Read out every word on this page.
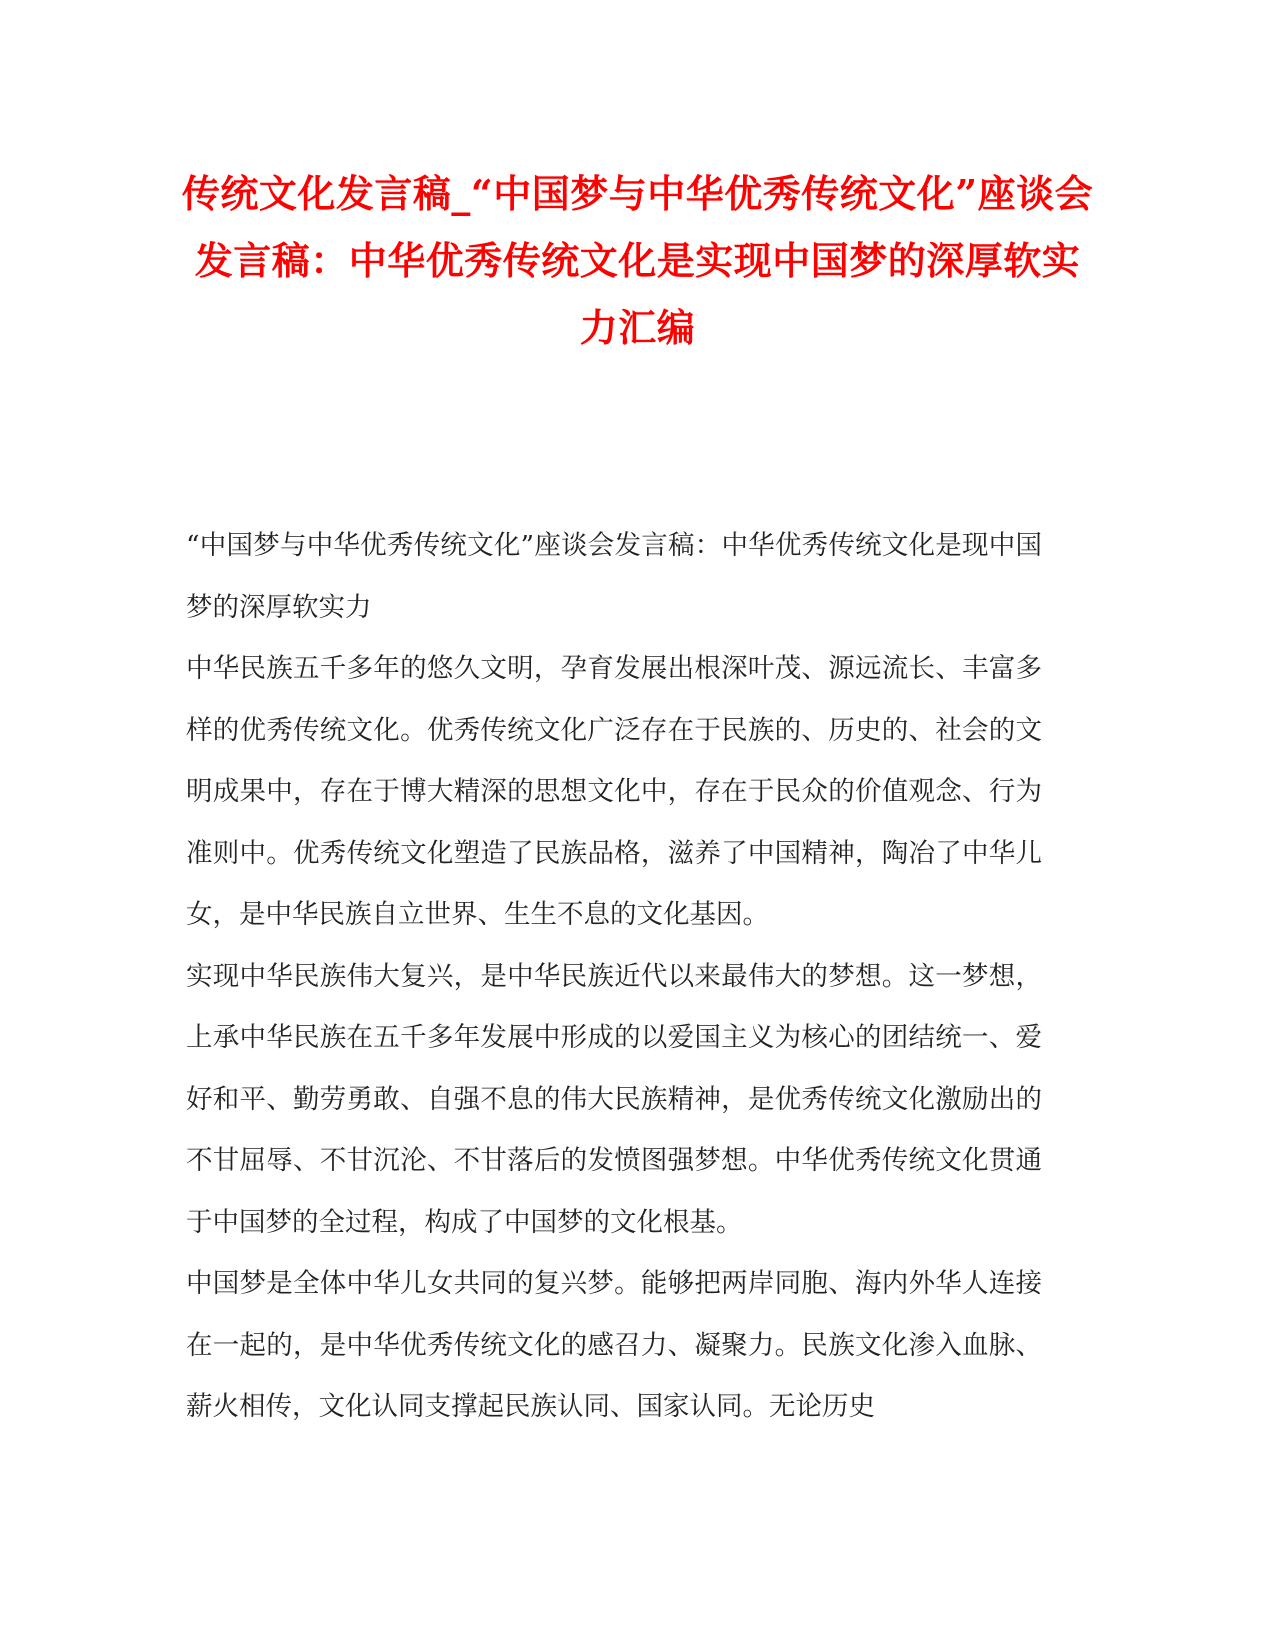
传统文化发言稿_“中国梦与中华优秀传统文化”座谈会发言稿：中华优秀传统文化是实现中国梦的深厚软实力汇编

“中国梦与中华优秀传统文化”座谈会发言稿：中华优秀传统文化是现中国梦的深厚软实力

中华民族五千多年的悠久文明，孕育发展出根深叶茂、源远流长、丰富多样的优秀传统文化。优秀传统文化广泛存在于民族的、历史的、社会的文明成果中，存在于博大精深的思想文化中，存在于民众的价值观念、行为准则中。优秀传统文化塑造了民族品格，滋养了中国精神，陶冶了中华儿女，是中华民族自立世界、生生不息的文化基因。

实现中华民族伟大复兴，是中华民族近代以来最伟大的梦想。这一梦想，上承中华民族在五千多年发展中形成的以爱国主义为核心的团结统一、爱好和平、勤劳勇敢、自强不息的伟大民族精神，是优秀传统文化激励出的不甘屈辱、不甘沉沦、不甘落后的发愤图强梦想。中华优秀传统文化贯通于中国梦的全过程，构成了中国梦的文化根基。

中国梦是全体中华儿女共同的复兴梦。能够把两岸同胞、海内外华人连接在一起的，是中华优秀传统文化的感召力、凝聚力。民族文化渗入血脉、薪火相传，文化认同支撑起民族认同、国家认同。无论历史
